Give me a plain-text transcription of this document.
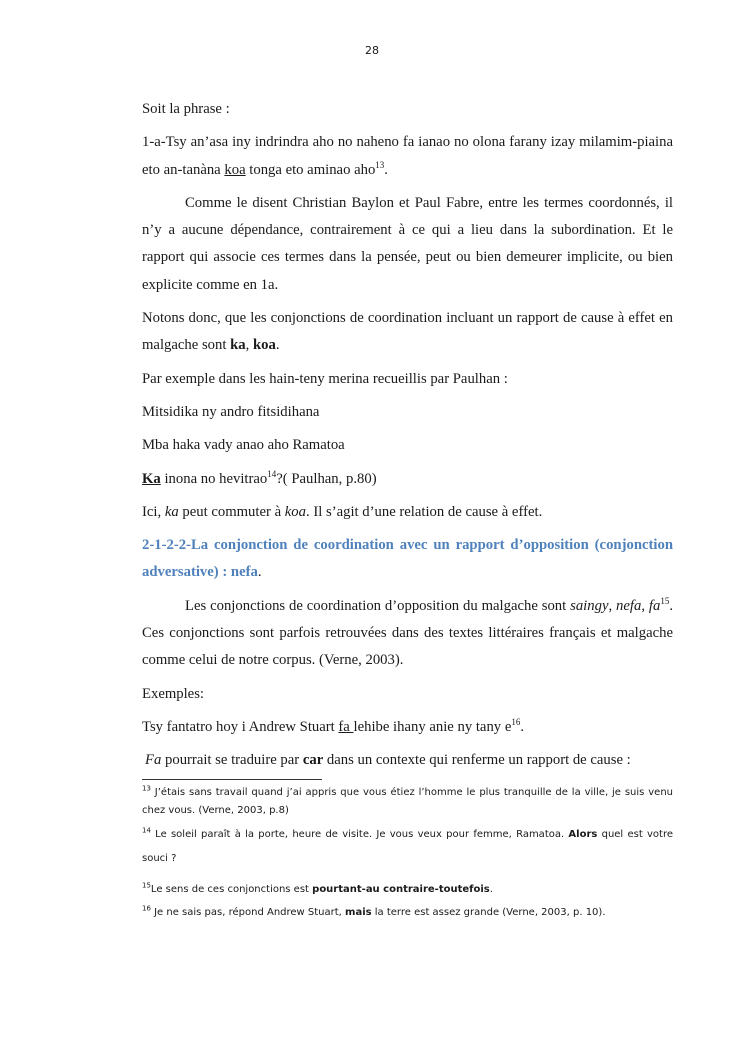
28

Soit la phrase :

1-a-Tsy an’asa iny indrindra aho no naheno fa ianao no olona farany izay milamim-piaina eto an-tanàna koa tonga eto aminao aho$^{13}$.

Comme le disent Christian Baylon et Paul Fabre, entre les termes coordonnés, il n’y a aucune dépendance, contrairement à ce qui a lieu dans la subordination. Et le rapport qui associe ces termes dans la pensée, peut ou bien demeurer implicite, ou bien explicite comme en 1a.

Notons donc, que les conjonctions de coordination incluant un rapport de cause à effet en malgache sont ka, koa.

Par exemple dans les hain-teny merina recueillis par Paulhan :

Mitsidika ny andro fitsidihana

Mba haka vady anao aho Ramatoa

Ka inona no hevitrao$^{14}$?( Paulhan, p.80)

Ici, ka peut commuter à koa. Il s’agit d’une relation de cause à effet.

2-1-2-2-La conjonction de coordination avec un rapport d’opposition (conjonction adversative) : nefa.

Les conjonctions de coordination d’opposition du malgache sont saingy, nefa, $fa^{15}$. Ces conjonctions sont parfois retrouvées dans des textes littéraires français et malgache comme celui de notre corpus. (Verne, 2003).

Exemples:

Tsy fantatro hoy i Andrew Stuart fa lehibe ihany anie ny tany $e^{16}$.

Fa pourrait se traduire par car dans un contexte qui renferme un rapport de cause :

$^{13}$ J’étais sans travail quand j’ai appris que vous étiez l’homme le plus tranquille de la ville, je suis venu chez vous. (Verne, 2003, p.8)

$^{14}$ Le soleil paraît à la porte, heure de visite. Je vous veux pour femme, Ramatoa. Alors quel est votre souci ?

$^{15}$Le sens de ces conjonctions est pourtant-au contraire-toutefois.

$^{16}$ Je ne sais pas, répond Andrew Stuart, mais la terre est assez grande (Verne, 2003, p. 10).
